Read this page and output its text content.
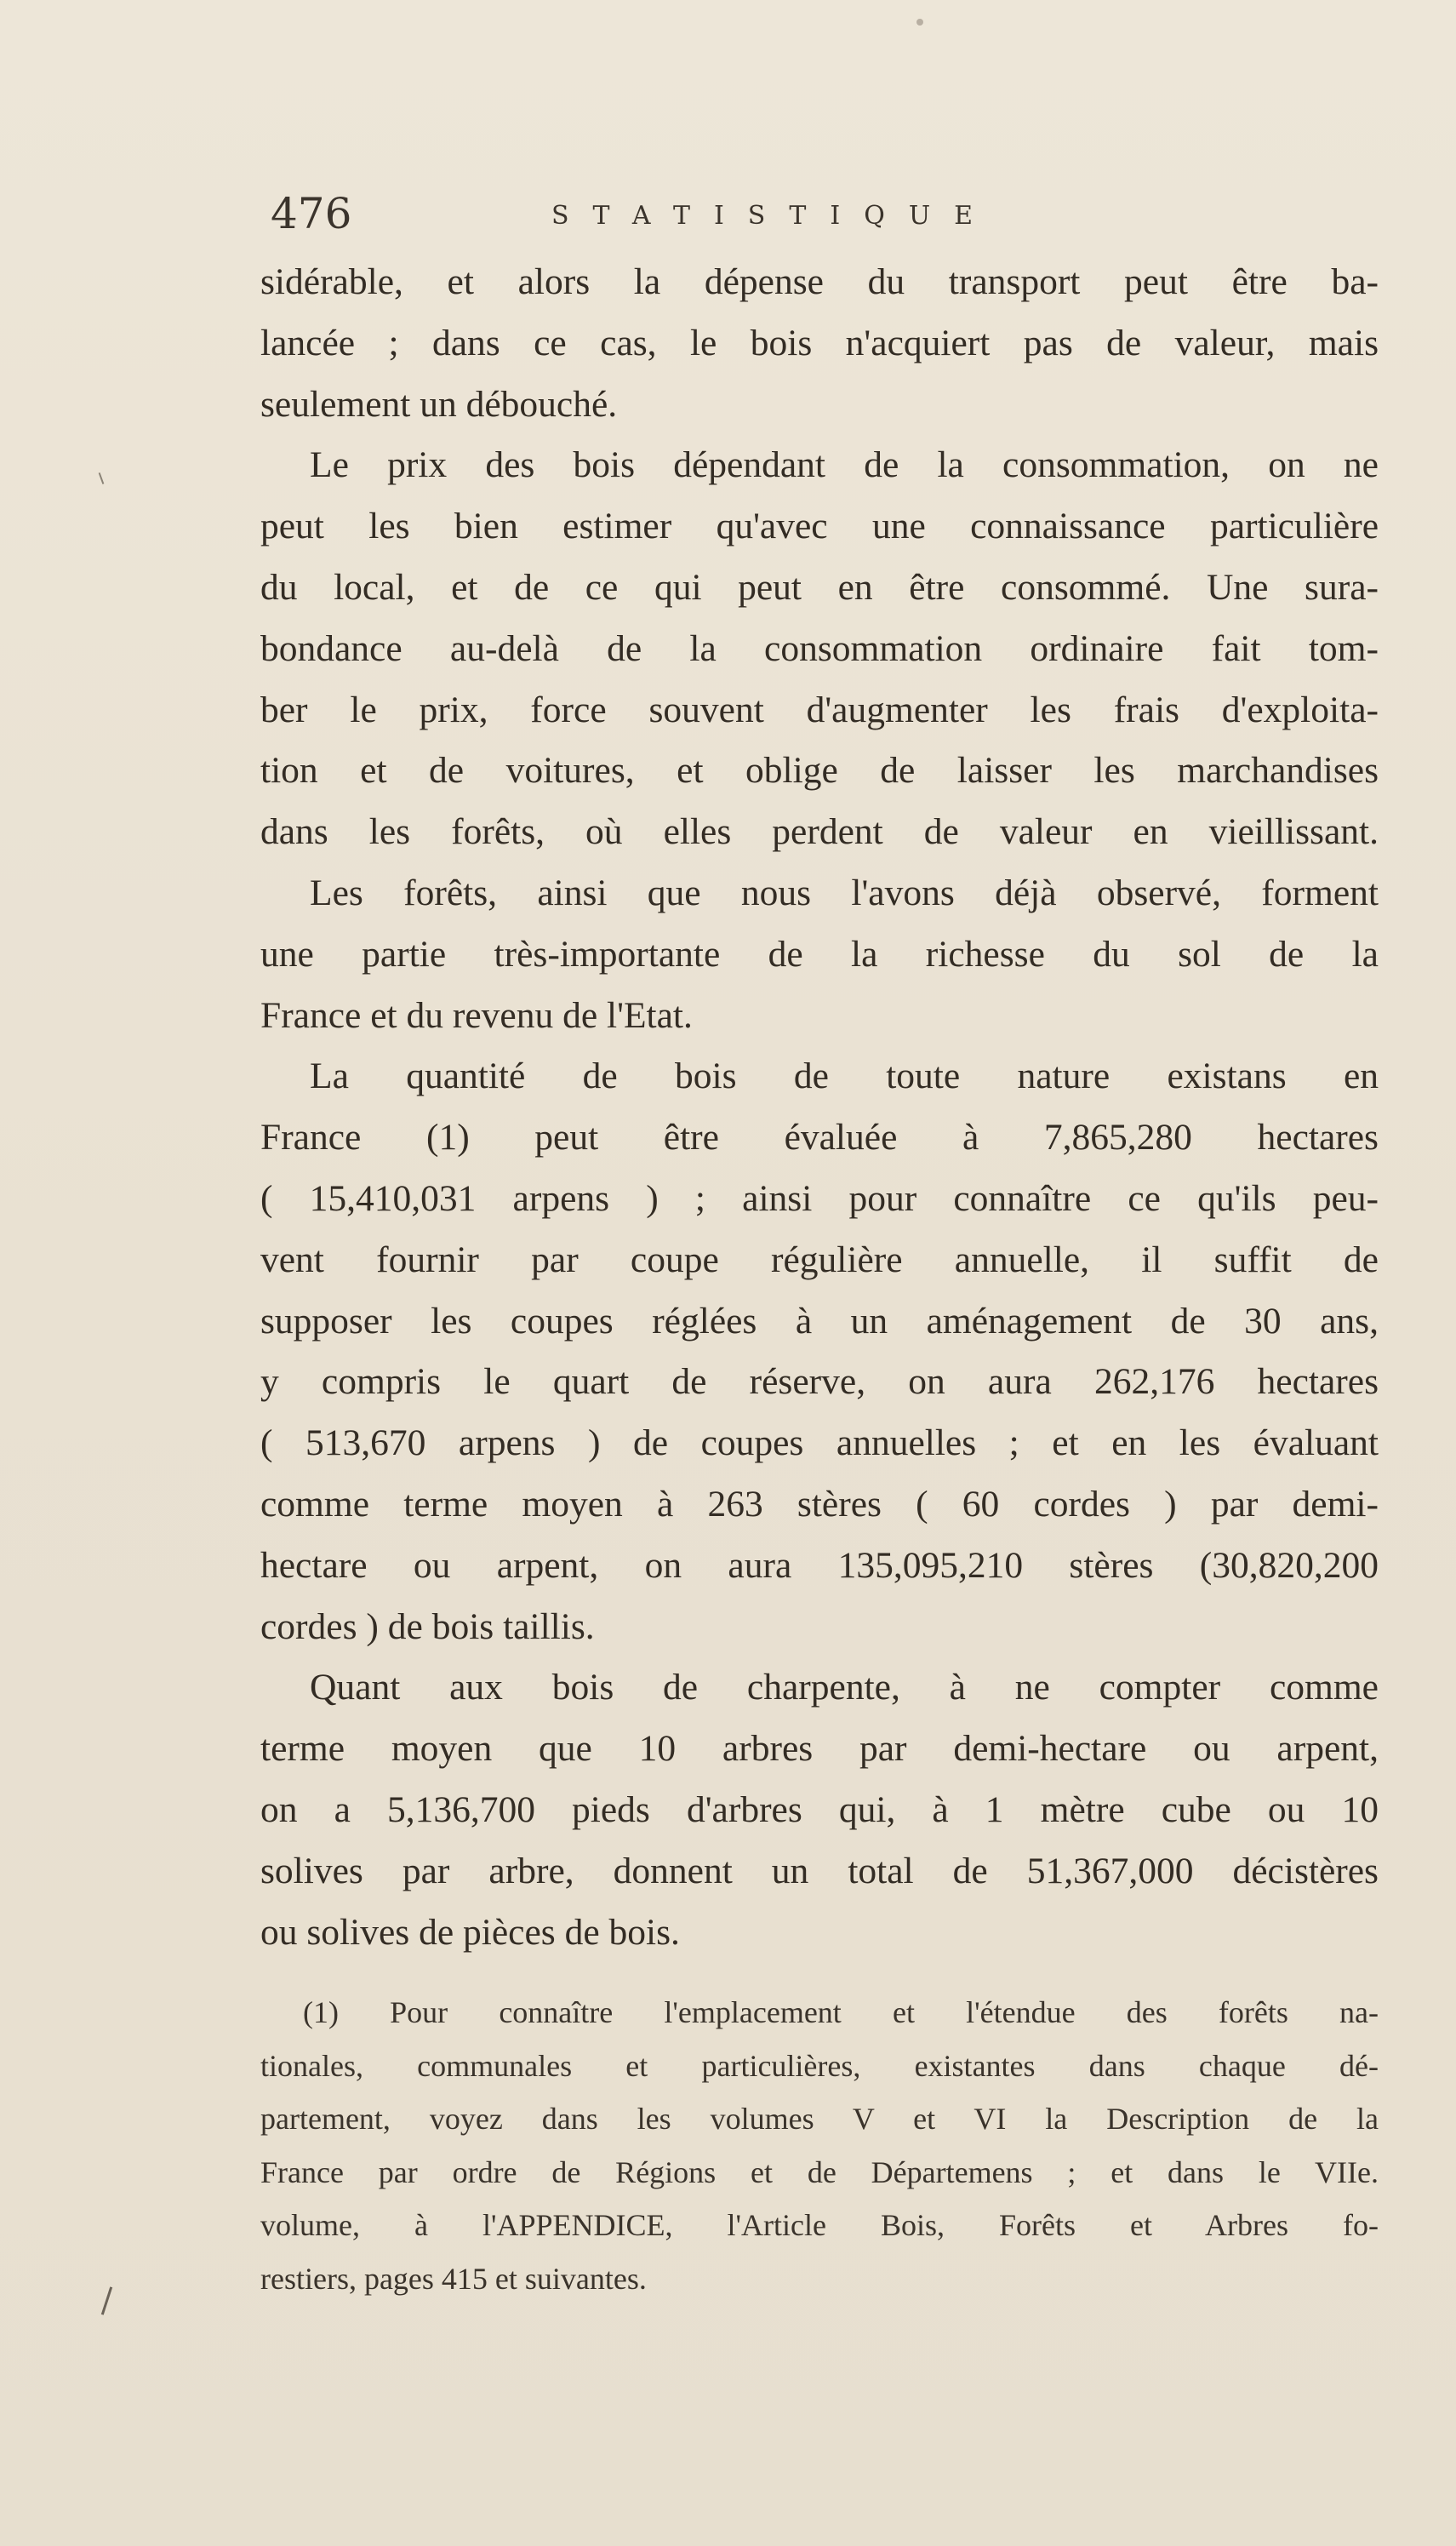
476	STATISTIQUE
sidérable, et alors la dépense du transport peut être ba-
lancée ; dans ce cas, le bois n'acquiert pas de valeur, mais
seulement un débouché.
Le prix des bois dépendant de la consommation, on ne
peut les bien estimer qu'avec une connaissance particulière
du local, et de ce qui peut en être consommé. Une sura-
bondance au-delà de la consommation ordinaire fait tom-
ber le prix, force souvent d'augmenter les frais d'exploita-
tion et de voitures, et oblige de laisser les marchandises
dans les forêts, où elles perdent de valeur en vieillissant.
Les forêts, ainsi que nous l'avons déjà observé, forment
une partie très-importante de la richesse du sol de la
France et du revenu de l'Etat.
La quantité de bois de toute nature existans en
France (1) peut être évaluée à 7,865,280 hectares
( 15,410,031 arpens ) ; ainsi pour connaître ce qu'ils peu-
vent fournir par coupe régulière annuelle, il suffit de
supposer les coupes réglées à un aménagement de 30 ans,
y compris le quart de réserve, on aura 262,176 hectares
( 513,670 arpens ) de coupes annuelles ; et en les évaluant
comme terme moyen à 263 stères ( 60 cordes ) par demi-
hectare ou arpent, on aura 135,095,210 stères (30,820,200
cordes ) de bois taillis.
Quant aux bois de charpente, à ne compter comme
terme moyen que 10 arbres par demi-hectare ou arpent,
on a 5,136,700 pieds d'arbres qui, à 1 mètre cube ou 10
solives par arbre, donnent un total de 51,367,000 décistères
ou solives de pièces de bois.
(1) Pour connaître l'emplacement et l'étendue des forêts na-
tionales, communales et particulières, existantes dans chaque dé-
partement, voyez dans les volumes V et VI la Description de la
France par ordre de Régions et de Départemens ; et dans le VIIe.
volume, à l'APPENDICE, l'Article Bois, Forêts et Arbres fo-
restiers, pages 415 et suivantes.
